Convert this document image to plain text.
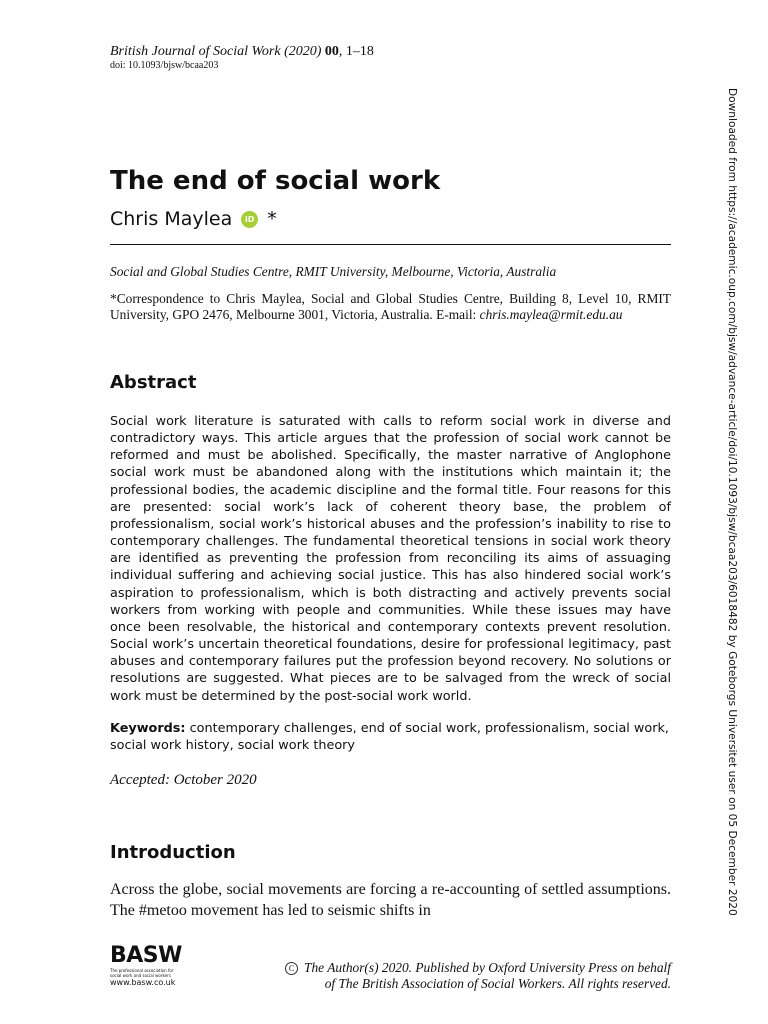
British Journal of Social Work (2020) 00, 1–18
doi: 10.1093/bjsw/bcaa203
The end of social work
Chris Maylea	iD *
Social and Global Studies Centre, RMIT University, Melbourne, Victoria, Australia
*Correspondence to Chris Maylea, Social and Global Studies Centre, Building 8, Level 10, RMIT University, GPO 2476, Melbourne 3001, Victoria, Australia. E-mail: chris.maylea@rmit.edu.au
Abstract

Social work literature is saturated with calls to reform social work in diverse and contradictory ways. This article argues that the profession of social work cannot be reformed and must be abolished. Specifically, the master narrative of Anglophone social work must be abandoned along with the institutions which maintain it; the professional bodies, the academic discipline and the formal title. Four reasons for this are presented: social work’s lack of coherent theory base, the problem of professionalism, social work’s historical abuses and the profession’s inability to rise to contemporary challenges. The fundamental theoretical tensions in social work theory are identified as preventing the profession from reconciling its aims of assuaging individual suffering and achieving social justice. This has also hindered social work’s aspiration to professionalism, which is both distracting and actively prevents social workers from working with people and communities. While these issues may have once been resolvable, the historical and contemporary contexts prevent resolution. Social work’s uncertain theoretical foundations, desire for professional legitimacy, past abuses and contemporary failures put the profession beyond recovery. No solutions or resolutions are suggested. What pieces are to be salvaged from the wreck of social work must be determined by the post-social work world.

Keywords: contemporary challenges, end of social work, professionalism, social work, social work history, social work theory

Accepted: October 2020
Introduction

Across the globe, social movements are forcing a re-accounting of settled assumptions. The #metoo movement has led to seismic shifts in

BASW
The professional association for social work and social workers
www.basw.co.uk
C The Author(s) 2020. Published by Oxford University Press on behalf
of The British Association of Social Workers. All rights reserved.
Downloaded from https://academic.oup.com/bjsw/advance-article/doi/10.1093/bjsw/bcaa203/6018482 by Goteborgs Universitet user on 05 December 2020
